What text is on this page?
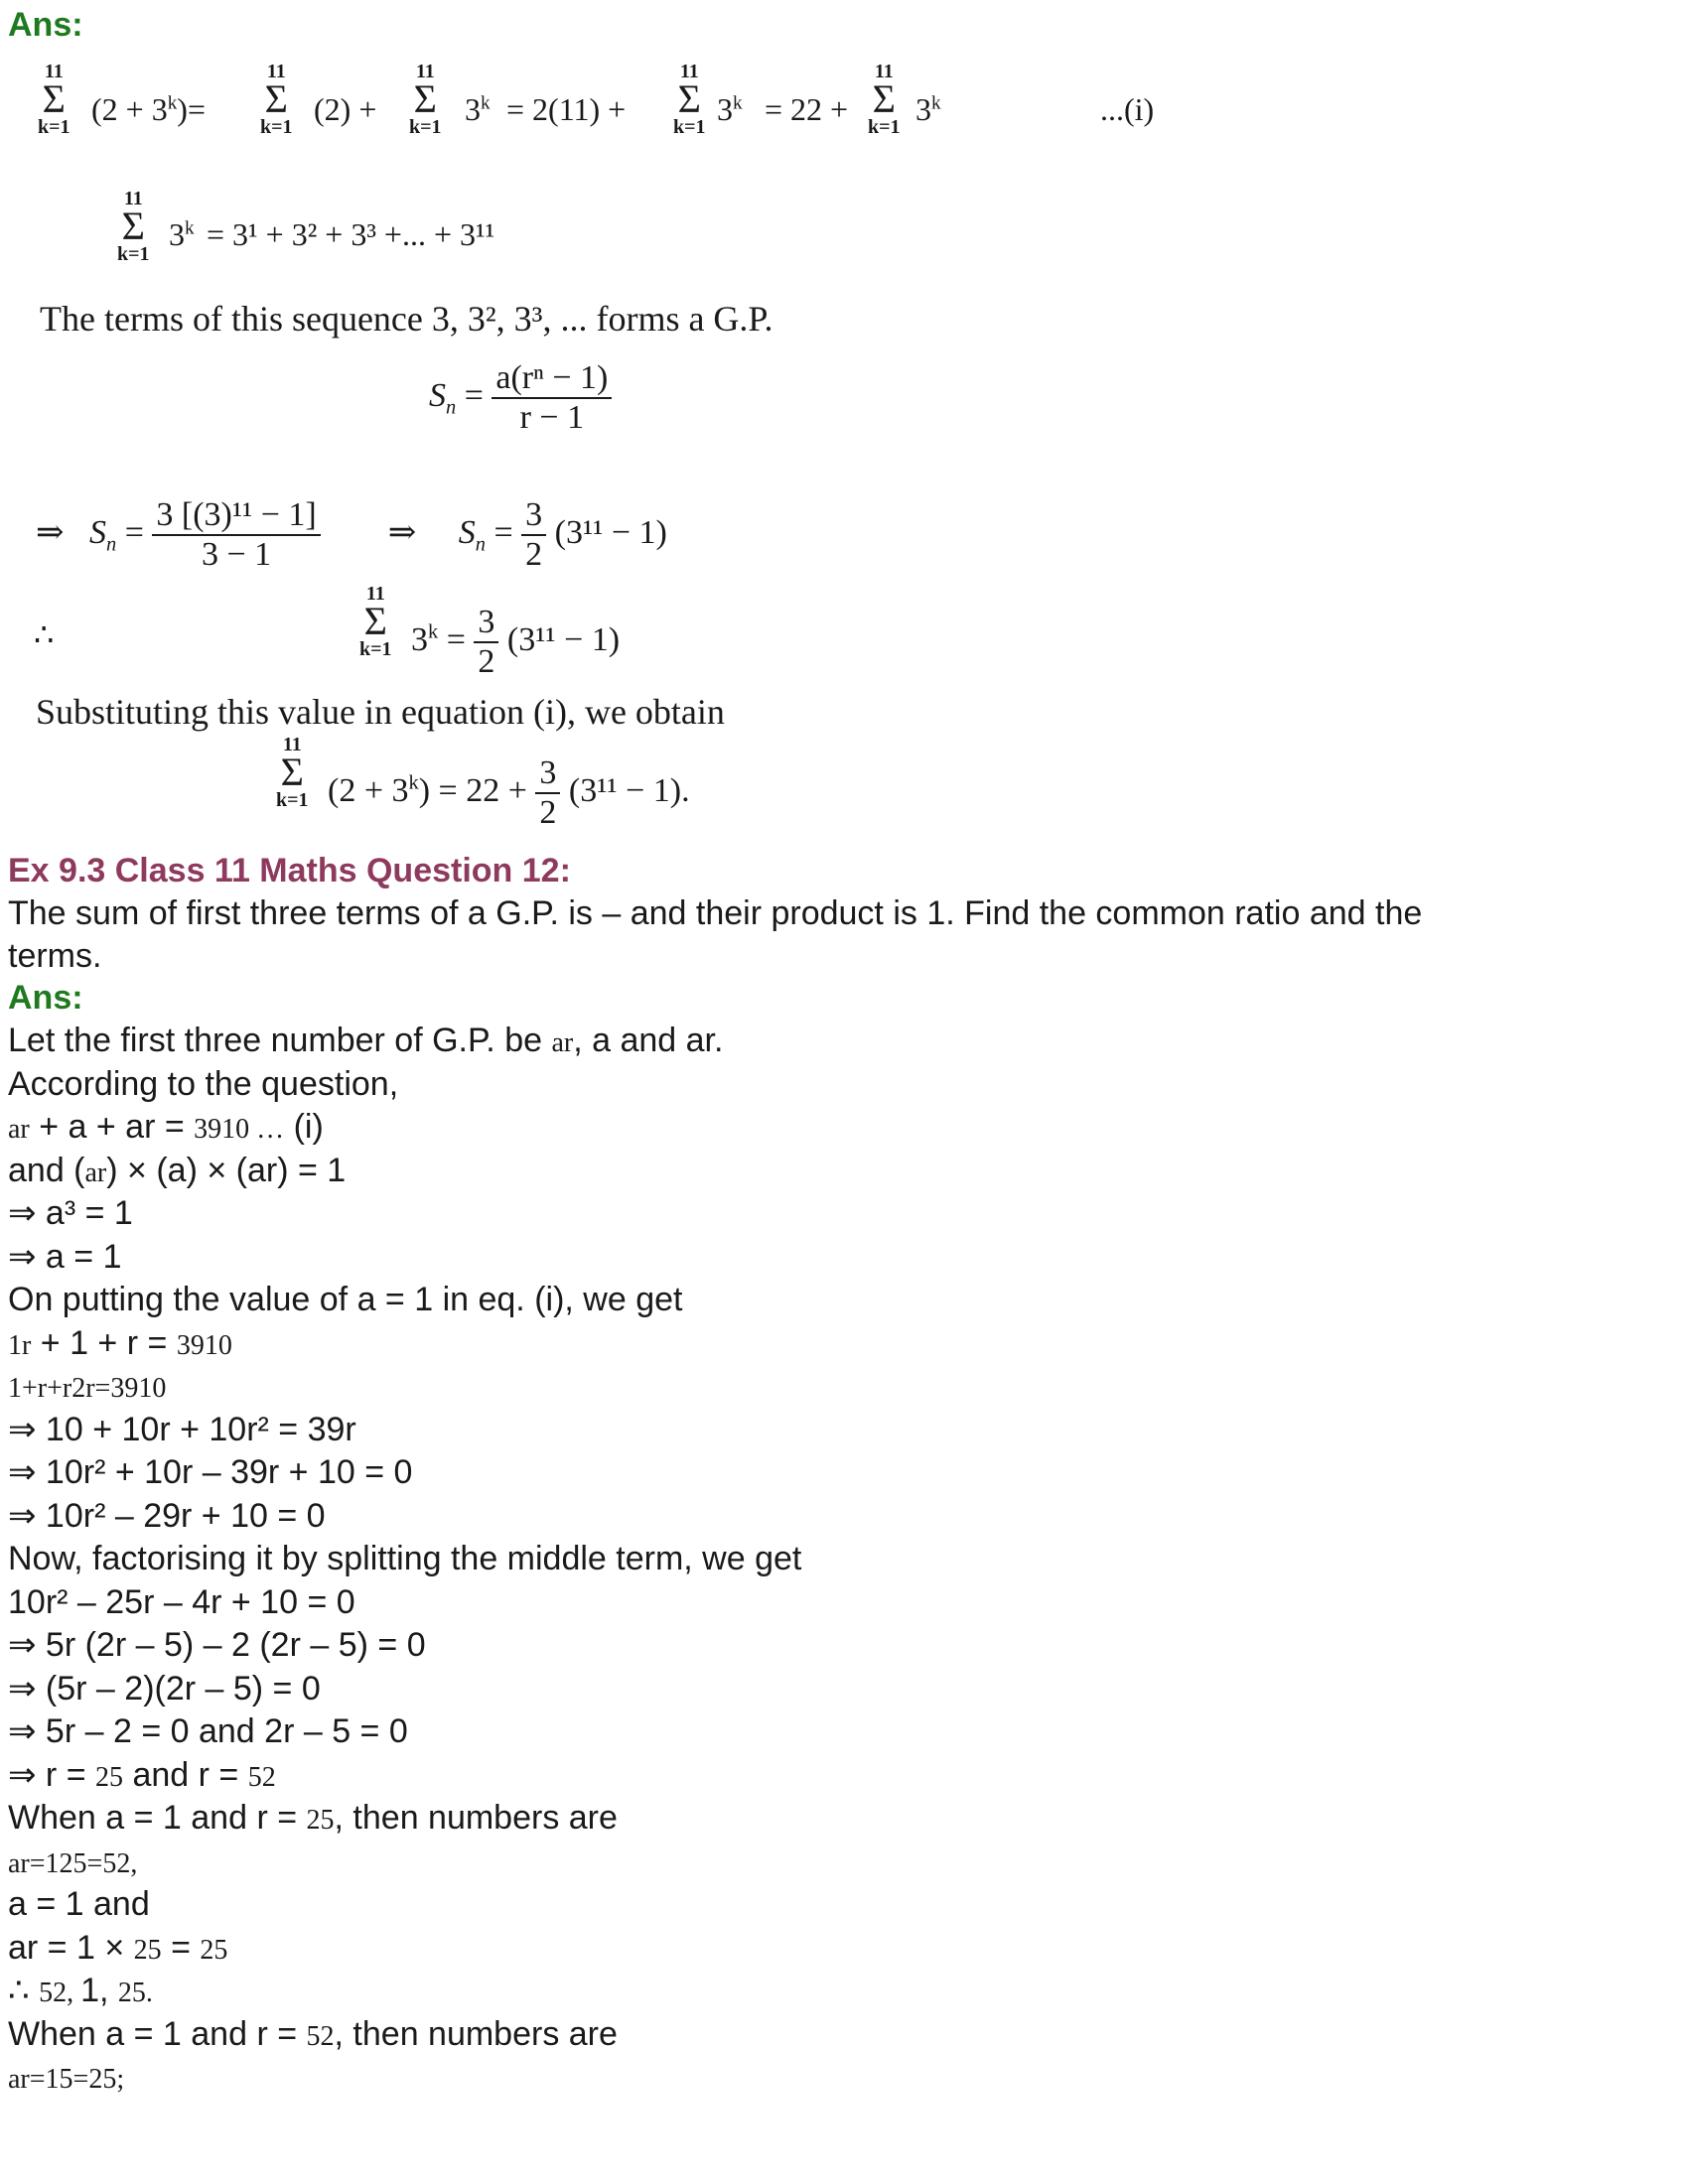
Ans:
11
Σ
k=1 $(2 + 3^k)=$
11
Σ
k=1 (2) +
11
Σ
k=1 $3^k = 2(11)$ +
11
Σ
k=1 $3^k = 22$ +
11
Σ
k=1 3$^k$	...(i)
11
Σ
k=1
$3^k = 3^1 + 3^2 + 3^3$ +... + 3¹¹
The terms of this sequence 3, 3², 3³, ... forms a G.P.
$S_n = \frac{\text{a(rⁿ − 1)}}{r - 1}$
⇒ $S_n = \frac{\text{3 [(3)¹¹ − 1]}}{3 - 1}$ ⇒ $S_n = \frac{3}{2} (3^{11} - 1)$
∴
11
Σ
k=1 $3^k = \frac{3}{2} (3^{11} - 1)$
Substituting this value in equation (i), we obtain
11
Σ
k=1 $(2 + 3^k) = 22 + \frac{3}{2} (3^{11} - 1)$.
Ex 9.3 Class 11 Maths Question 12:
The sum of first three terms of a G.P. is – and their product is 1. Find the common ratio and the
terms.
Ans:
Let the first three number of G.P. be ar, a and ar.
According to the question,
ar + a + ar = 3910 … (i)
and (ar) × (a) × (ar) = 1
⇒ a³ = 1
⇒ a = 1
On putting the value of a = 1 in eq. (i), we get
1r + 1 + r = 3910
1+r+r2r=3910
⇒ 10 + 10r + 10r² = 39r
⇒ 10r² + 10r – 39r + 10 = 0
⇒ 10r² – 29r + 10 = 0
Now, factorising it by splitting the middle term, we get
10r² – 25r – 4r + 10 = 0
⇒ 5r (2r – 5) – 2 (2r – 5) = 0
⇒ (5r – 2)(2r – 5) = 0
⇒ 5r – 2 = 0 and 2r – 5 = 0
⇒ r = 25 and r = 52
When a = 1 and r = 25, then numbers are
ar=125=52,
a = 1 and
ar = 1 × 25 = 25
∴ 52, 1, 25.
When a = 1 and r = 52, then numbers are
ar=15=25;
